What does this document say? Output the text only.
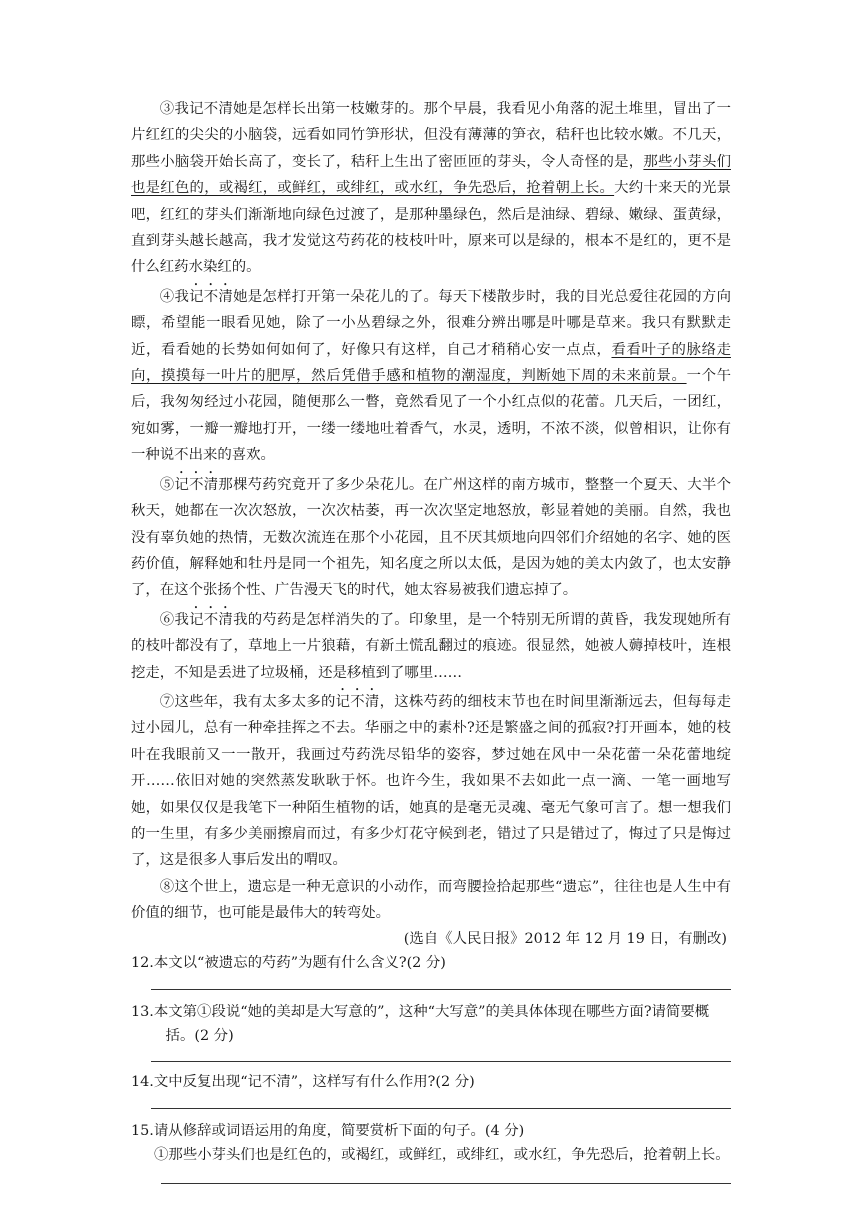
③我记不清她是怎样长出第一枝嫩芽的。那个早晨，我看见小角落的泥土堆里，冒出了一片红红的尖尖的小脑袋，远看如同竹笋形状，但没有薄薄的笋衣，秸秆也比较水嫩。不几天，那些小脑袋开始长高了，变长了，秸秆上生出了密匝匝的芽头，令人奇怪的是，那些小芽头们也是红色的，或褐红，或鲜红，或绯红，或水红，争先恐后，抢着朝上长。大约十来天的光景吧，红红的芽头们渐渐地向绿色过渡了，是那种墨绿色，然后是油绿、碧绿、嫩绿、蛋黄绿，直到芽头越长越高，我才发觉这芍药花的枝枝叶叶，原来可以是绿的，根本不是红的，更不是什么红药水染红的。

④我记不清她是怎样打开第一朵花儿的了。每天下楼散步时，我的目光总爱往花园的方向瞟，希望能一眼看见她，除了一小丛碧绿之外，很难分辨出哪是叶哪是草来。我只有默默走近，看看她的长势如何如何了，好像只有这样，自己才稍稍心安一点点，看看叶子的脉络走向，摸摸每一叶片的肥厚，然后凭借手感和植物的潮湿度，判断她下周的未来前景。一个午后，我匆匆经过小花园，随便那么一瞥，竟然看见了一个小红点似的花蕾。几天后，一团红，宛如雾，一瓣一瓣地打开，一缕一缕地吐着香气，水灵，透明，不浓不淡，似曾相识，让你有一种说不出来的喜欢。

⑤记不清那棵芍药究竟开了多少朵花儿。在广州这样的南方城市，整整一个夏天、大半个秋天，她都在一次次怒放，一次次枯萎，再一次次坚定地怒放，彰显着她的美丽。自然，我也没有辜负她的热情，无数次流连在那个小花园，且不厌其烦地向四邻们介绍她的名字、她的医药价值，解释她和牡丹是同一个祖先，知名度之所以太低，是因为她的美太内敛了，也太安静了，在这个张扬个性、广告漫天飞的时代，她太容易被我们遗忘掉了。

⑥我记不清我的芍药是怎样消失的了。印象里，是一个特别无所谓的黄昏，我发现她所有的枝叶都没有了，草地上一片狼藉，有新土慌乱翻过的痕迹。很显然，她被人薅掉枝叶，连根挖走，不知是丢进了垃圾桶，还是移植到了哪里……

⑦这些年，我有太多太多的记不清，这株芍药的细枝末节也在时间里渐渐远去，但每每走过小园儿，总有一种牵挂挥之不去。华丽之中的素朴?还是繁盛之间的孤寂?打开画本，她的枝叶在我眼前又一一散开，我画过芍药洗尽铅华的姿容，梦过她在风中一朵花蕾一朵花蕾地绽开……依旧对她的突然蒸发耿耿于怀。也许今生，我如果不去如此一点一滴、一笔一画地写她，如果仅仅是我笔下一种陌生植物的话，她真的是毫无灵魂、毫无气象可言了。想一想我们的一生里，有多少美丽擦肩而过，有多少灯花守候到老，错过了只是错过了，悔过了只是悔过了，这是很多人事后发出的喟叹。

⑧这个世上，遗忘是一种无意识的小动作，而弯腰捡拾起那些“遗忘”，往往也是人生中有价值的细节，也可能是最伟大的转弯处。

(选自《人民日报》2012 年 12 月 19 日，有删改)

12.本文以“被遗忘的芍药”为题有什么含义?(2 分)

13.本文第①段说“她的美却是大写意的”，这种“大写意”的美具体体现在哪些方面?请简要概括。(2 分)

14.文中反复出现“记不清”，这样写有什么作用?(2 分)

15.请从修辞或词语运用的角度，简要赏析下面的句子。(4 分)

①那些小芽头们也是红色的，或褐红，或鲜红，或绯红，或水红，争先恐后，抢着朝上长。
